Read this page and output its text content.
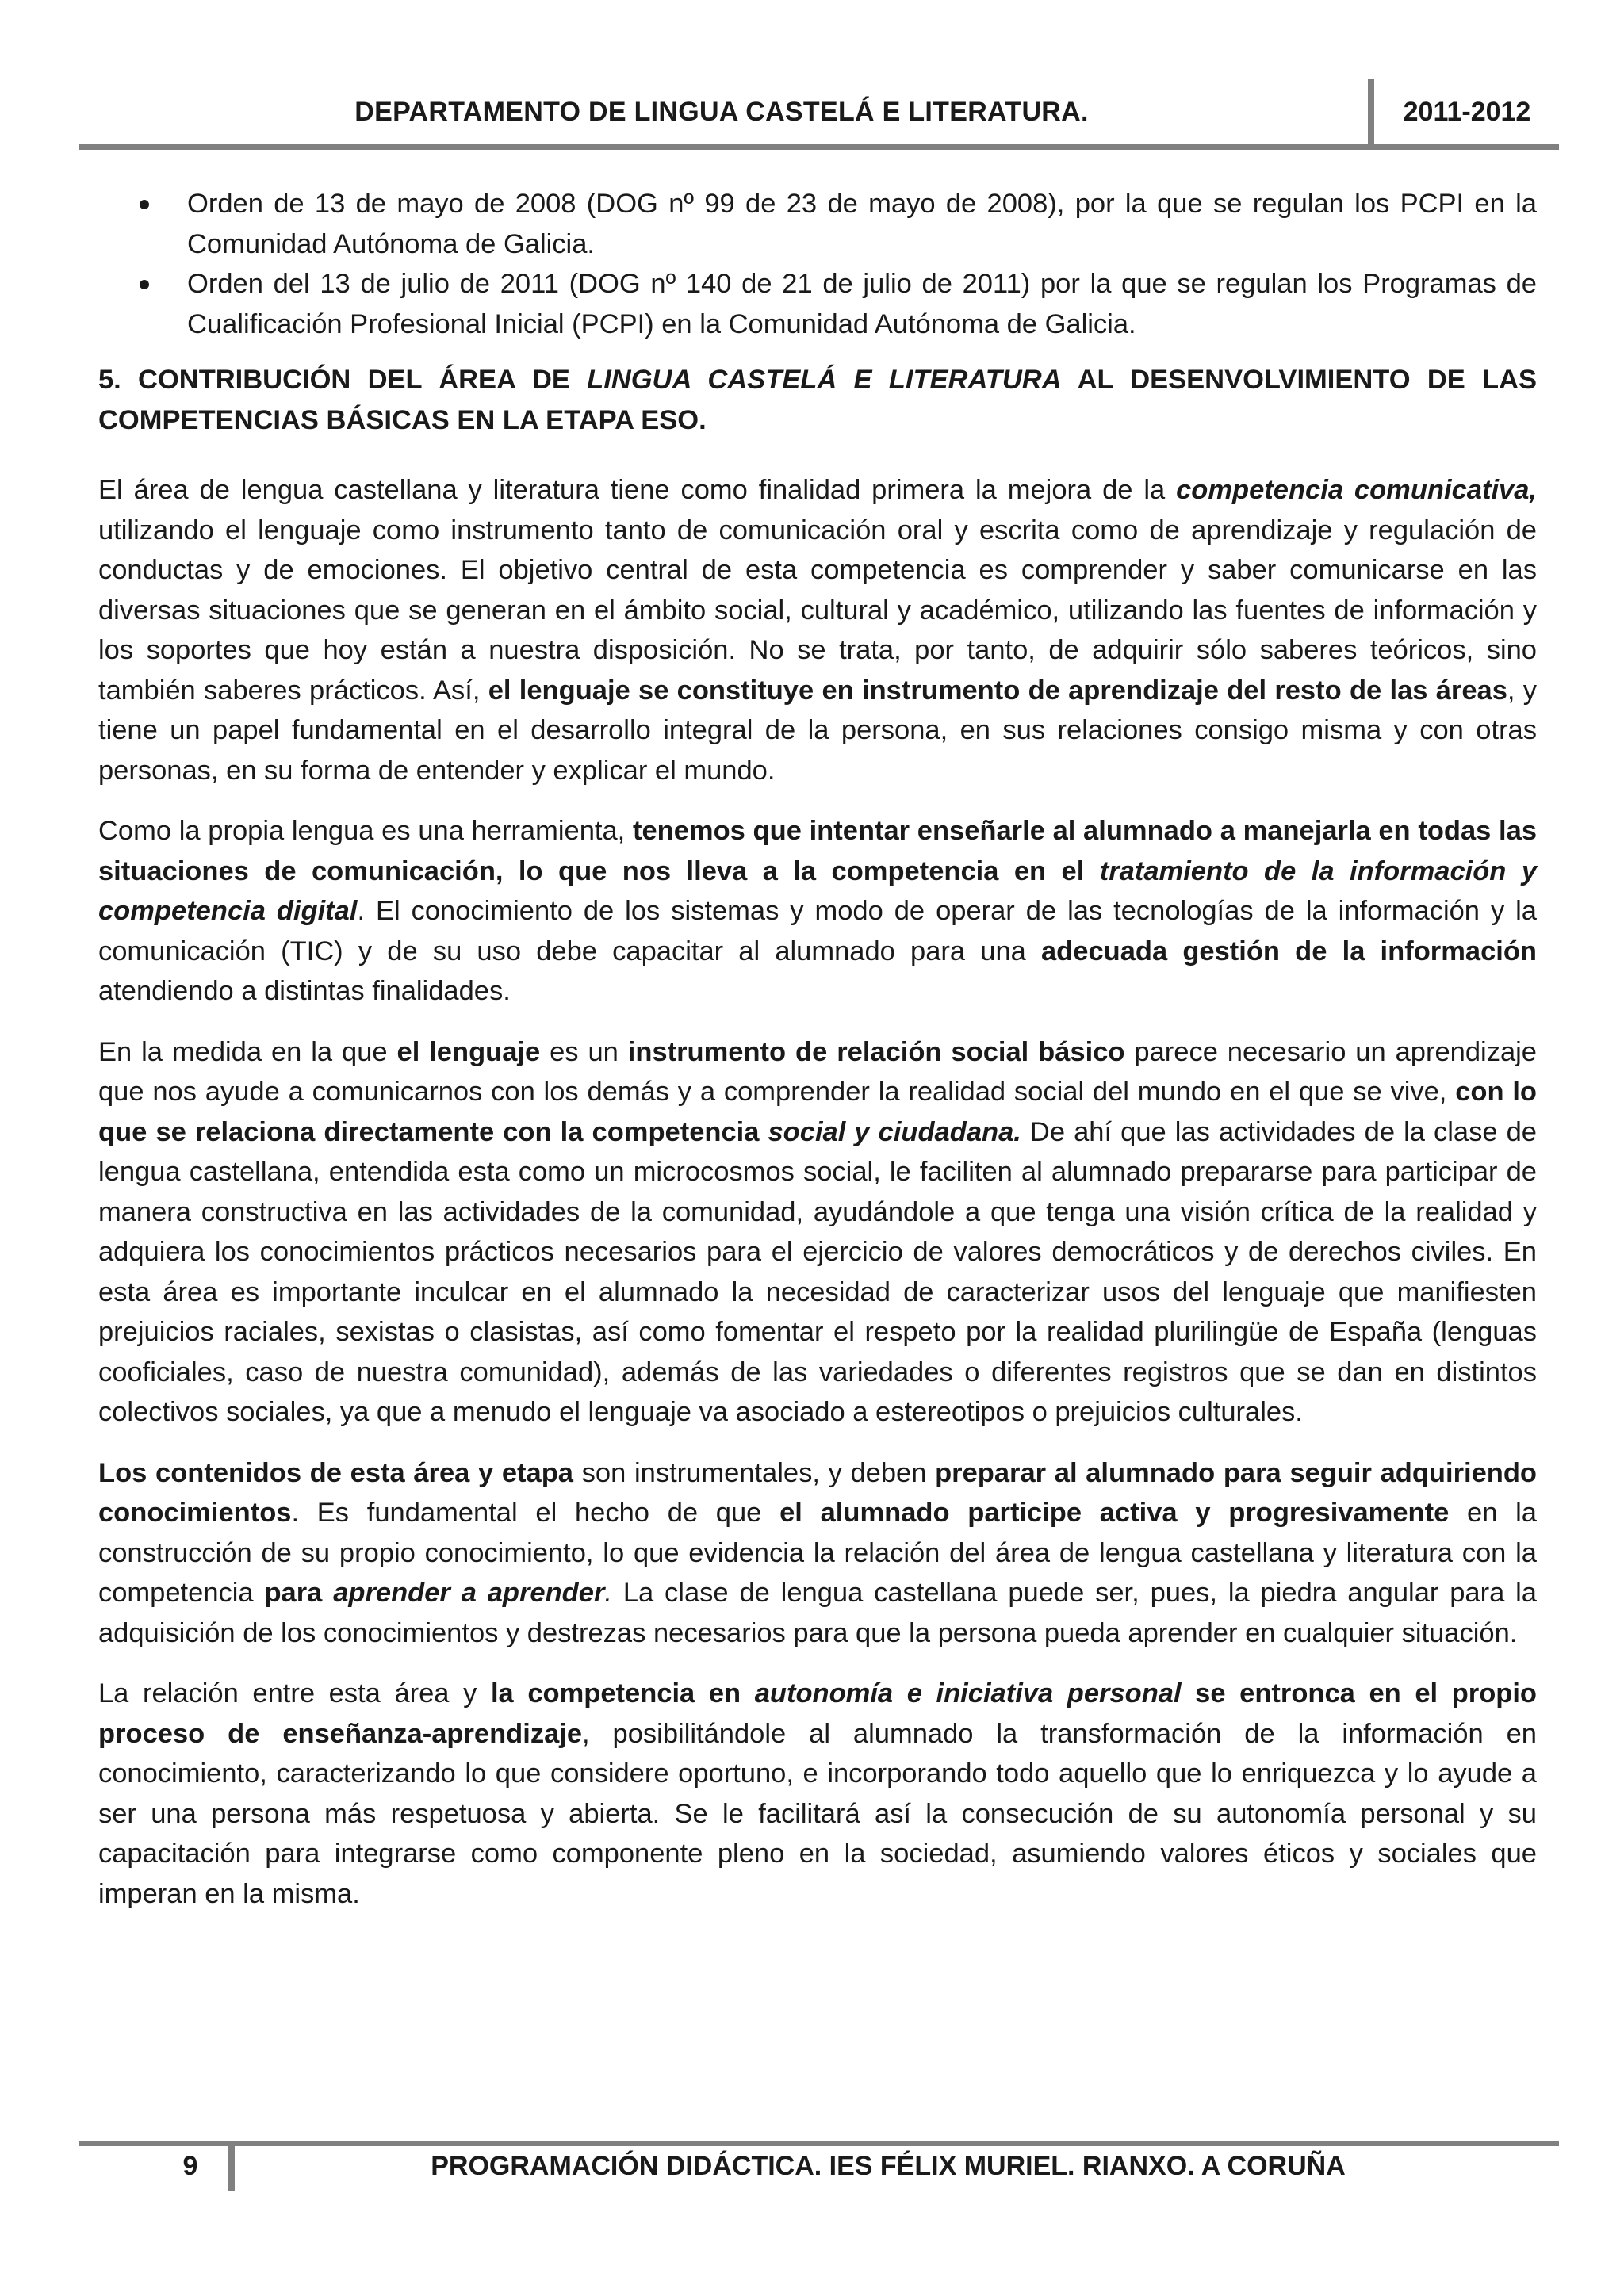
DEPARTAMENTO DE LINGUA CASTELÁ E LITERATURA.	2011-2012
Orden de 13 de mayo de 2008 (DOG nº 99 de 23 de mayo de 2008), por la que se regulan los PCPI en la Comunidad Autónoma de Galicia.
Orden del 13 de julio de 2011 (DOG nº 140 de 21 de julio de 2011) por la que se regulan los Programas de Cualificación Profesional Inicial (PCPI) en la Comunidad Autónoma de Galicia.
5. CONTRIBUCIÓN DEL ÁREA DE LINGUA CASTELÁ E LITERATURA AL DESENVOLVIMIENTO DE LAS COMPETENCIAS BÁSICAS EN LA ETAPA ESO.

El área de lengua castellana y literatura tiene como finalidad primera la mejora de la competencia comunicativa, utilizando el lenguaje como instrumento tanto de comunicación oral y escrita como de aprendizaje y regulación de conductas y de emociones. El objetivo central de esta competencia es comprender y saber comunicarse en las diversas situaciones que se generan en el ámbito social, cultural y académico, utilizando las fuentes de información y los soportes que hoy están a nuestra disposición. No se trata, por tanto, de adquirir sólo saberes teóricos, sino también saberes prácticos. Así, el lenguaje se constituye en instrumento de aprendizaje del resto de las áreas, y tiene un papel fundamental en el desarrollo integral de la persona, en sus relaciones consigo misma y con otras personas, en su forma de entender y explicar el mundo.

Como la propia lengua es una herramienta, tenemos que intentar enseñarle al alumnado a manejarla en todas las situaciones de comunicación, lo que nos lleva a la competencia en el tratamiento de la información y competencia digital. El conocimiento de los sistemas y modo de operar de las tecnologías de la información y la comunicación (TIC) y de su uso debe capacitar al alumnado para una adecuada gestión de la información atendiendo a distintas finalidades.

En la medida en la que el lenguaje es un instrumento de relación social básico parece necesario un aprendizaje que nos ayude a comunicarnos con los demás y a comprender la realidad social del mundo en el que se vive, con lo que se relaciona directamente con la competencia social y ciudadana. De ahí que las actividades de la clase de lengua castellana, entendida esta como un microcosmos social, le faciliten al alumnado prepararse para participar de manera constructiva en las actividades de la comunidad, ayudándole a que tenga una visión crítica de la realidad y adquiera los conocimientos prácticos necesarios para el ejercicio de valores democráticos y de derechos civiles. En esta área es importante inculcar en el alumnado la necesidad de caracterizar usos del lenguaje que manifiesten prejuicios raciales, sexistas o clasistas, así como fomentar el respeto por la realidad plurilingüe de España (lenguas cooficiales, caso de nuestra comunidad), además de las variedades o diferentes registros que se dan en distintos colectivos sociales, ya que a menudo el lenguaje va asociado a estereotipos o prejuicios culturales.

Los contenidos de esta área y etapa son instrumentales, y deben preparar al alumnado para seguir adquiriendo conocimientos. Es fundamental el hecho de que el alumnado participe activa y progresivamente en la construcción de su propio conocimiento, lo que evidencia la relación del área de lengua castellana y literatura con la competencia para aprender a aprender. La clase de lengua castellana puede ser, pues, la piedra angular para la adquisición de los conocimientos y destrezas necesarios para que la persona pueda aprender en cualquier situación.

La relación entre esta área y la competencia en autonomía e iniciativa personal se entronca en el propio proceso de enseñanza-aprendizaje, posibilitándole al alumnado la transformación de la información en conocimiento, caracterizando lo que considere oportuno, e incorporando todo aquello que lo enriquezca y lo ayude a ser una persona más respetuosa y abierta. Se le facilitará así la consecución de su autonomía personal y su capacitación para integrarse como componente pleno en la sociedad, asumiendo valores éticos y sociales que imperan en la misma.

9	PROGRAMACIÓN DIDÁCTICA. IES FÉLIX MURIEL. RIANXO. A CORUÑA
